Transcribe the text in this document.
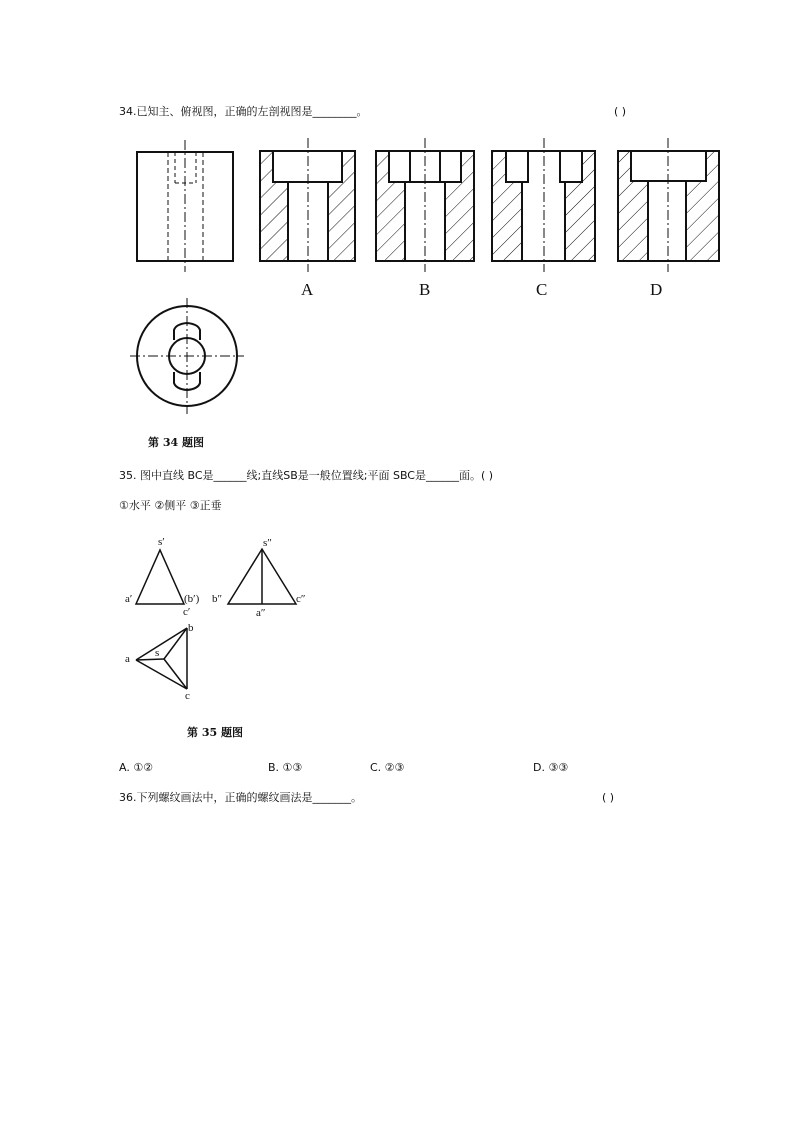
34.已知主、俯视图，正确的左剖视图是________。	( )
A	B	C	D
第 34 题图
35. 图中直线 BC是______线;直线SB是一般位置线;平面 SBC是______面。( )
①水平 ②侧平 ③正垂
s′
a′	(b′)
c′
s″
b″
a″
c″
a
b
s
c
第 35 题图
A. ①②	B. ①③	C. ②③	D. ③③
36.下列螺纹画法中，正确的螺纹画法是_______。	( )
